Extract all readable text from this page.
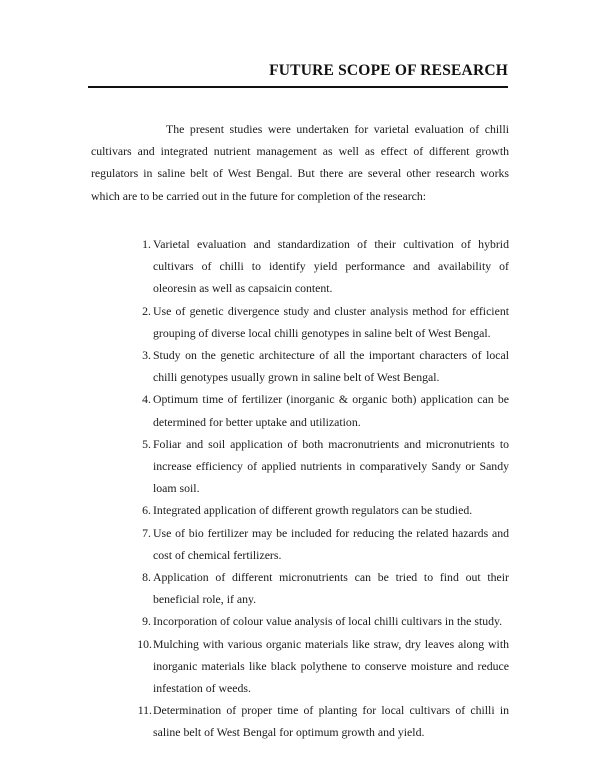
FUTURE SCOPE OF RESEARCH

The present studies were undertaken for varietal evaluation of chilli cultivars and integrated nutrient management as well as effect of different growth regulators in saline belt of West Bengal. But there are several other research works which are to be carried out in the future for completion of the research:

1. Varietal evaluation and standardization of their cultivation of hybrid cultivars of chilli to identify yield performance and availability of oleoresin as well as capsaicin content.
2. Use of genetic divergence study and cluster analysis method for efficient grouping of diverse local chilli genotypes in saline belt of West Bengal.
3. Study on the genetic architecture of all the important characters of local chilli genotypes usually grown in saline belt of West Bengal.
4. Optimum time of fertilizer (inorganic & organic both) application can be determined for better uptake and utilization.
5. Foliar and soil application of both macronutrients and micronutrients to increase efficiency of applied nutrients in comparatively Sandy or Sandy loam soil.
6. Integrated application of different growth regulators can be studied.
7. Use of bio fertilizer may be included for reducing the related hazards and cost of chemical fertilizers.
8. Application of different micronutrients can be tried to find out their beneficial role, if any.
9. Incorporation of colour value analysis of local chilli cultivars in the study.
10. Mulching with various organic materials like straw, dry leaves along with inorganic materials like black polythene to conserve moisture and reduce infestation of weeds.
11. Determination of proper time of planting for local cultivars of chilli in saline belt of West Bengal for optimum growth and yield.
